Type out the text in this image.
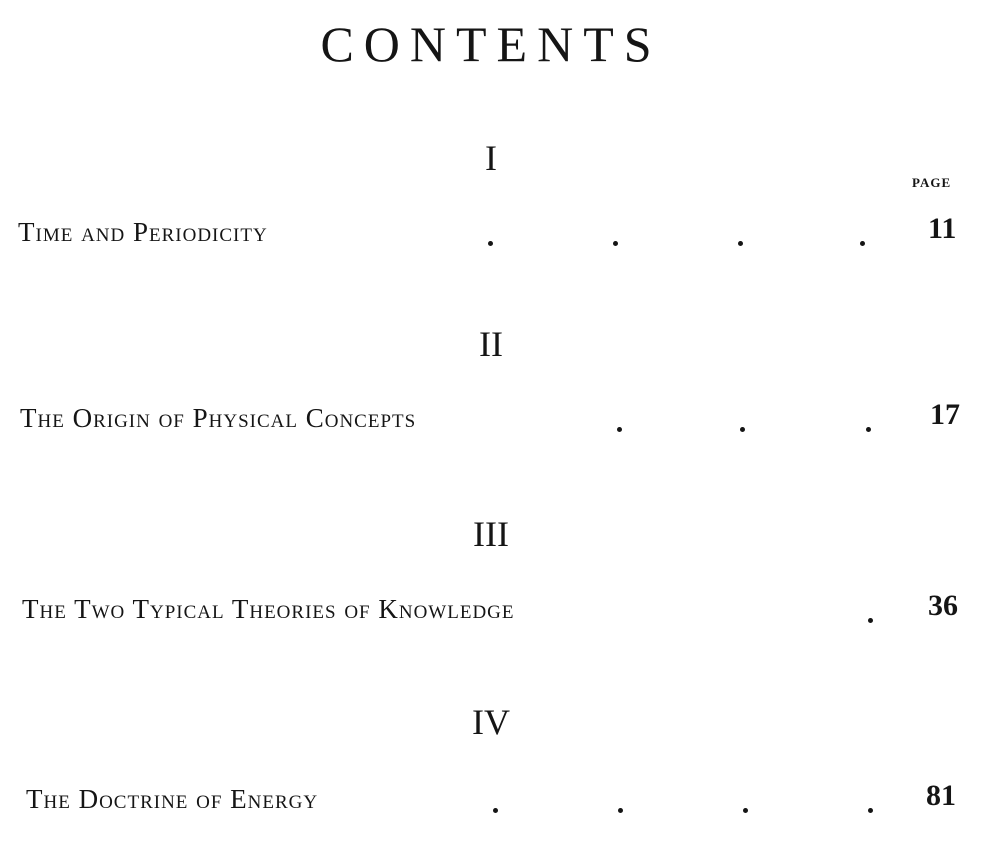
CONTENTS
I
PAGE
Time and Periodicity	11
II
The Origin of Physical Concepts	17
III
The Two Typical Theories of Knowledge	36
IV
The Doctrine of Energy	81
